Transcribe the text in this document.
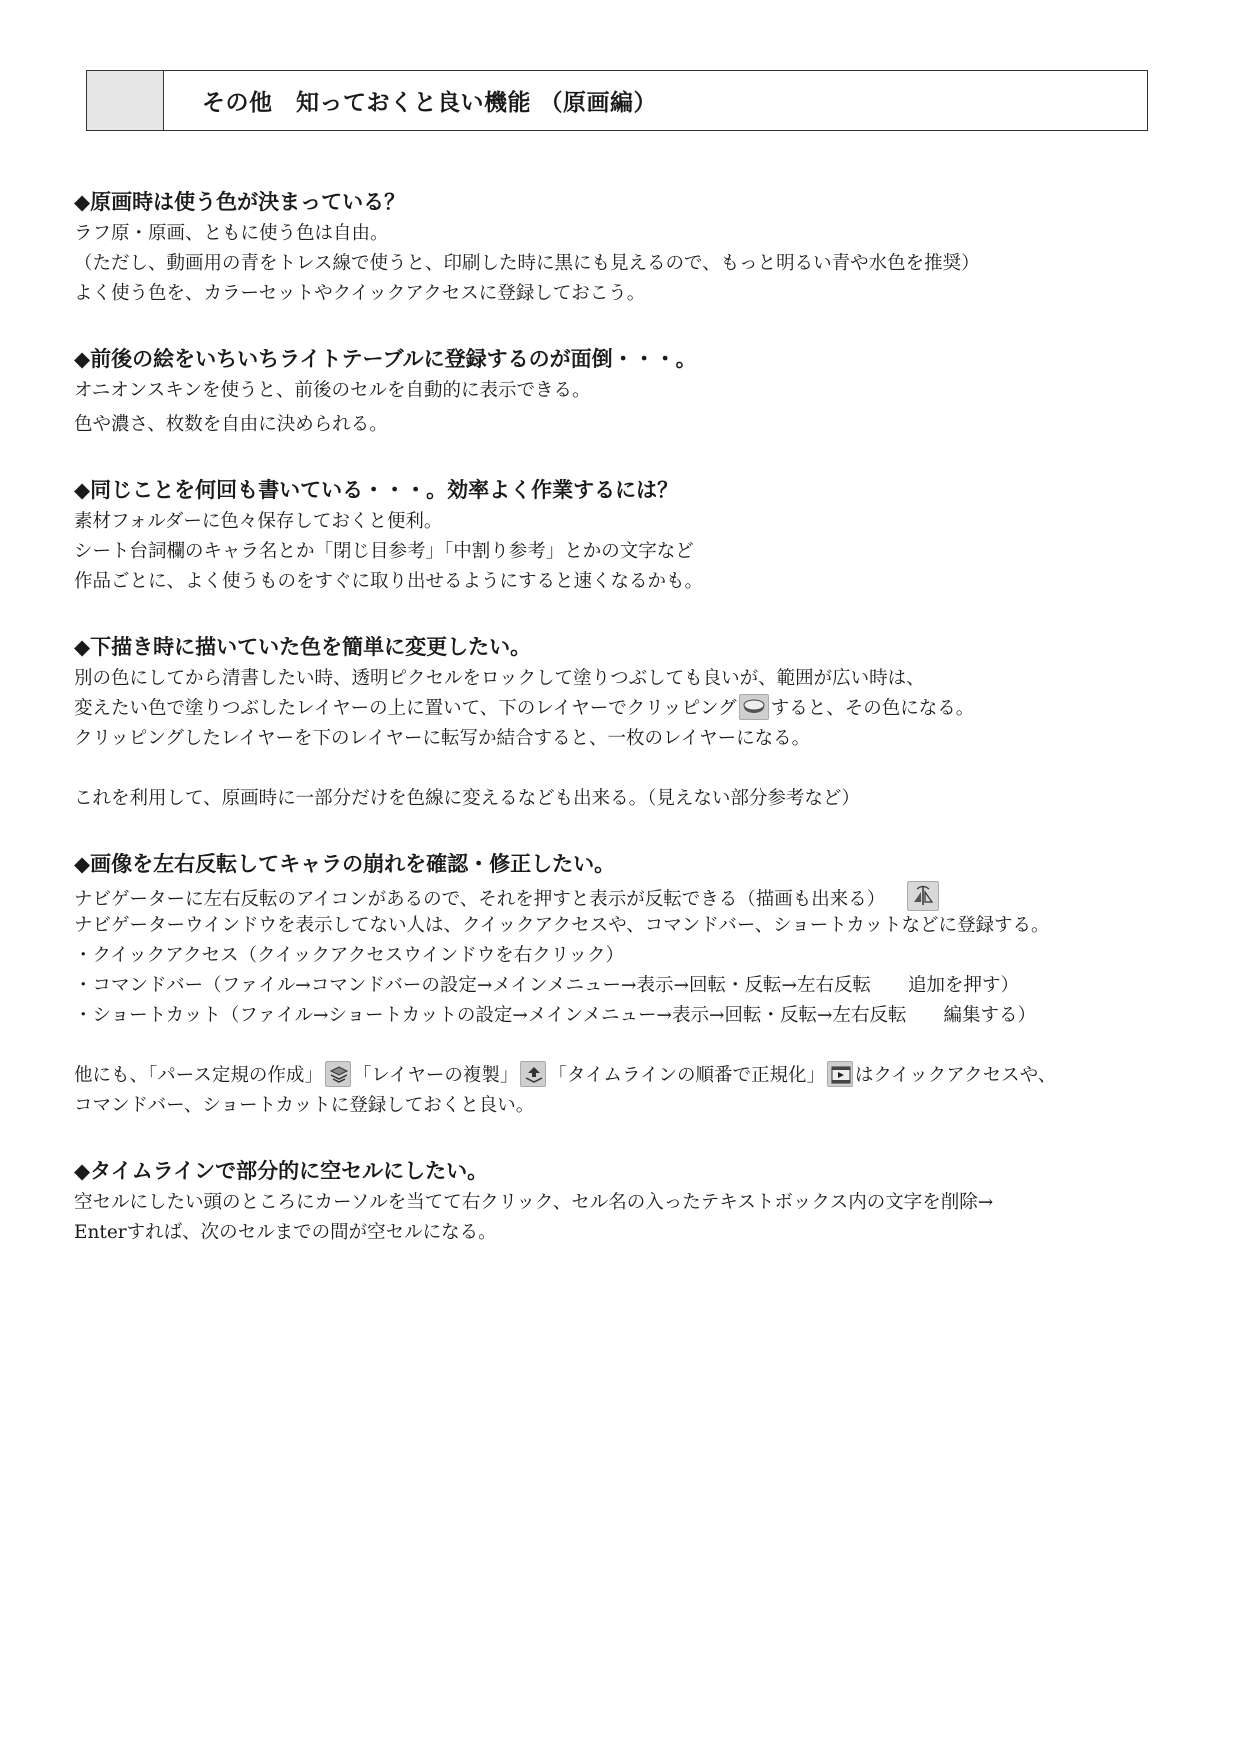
その他　知っておくと良い機能 （原画編）
◆原画時は使う色が決まっている？
ラフ原・原画、ともに使う色は自由。
（ただし、動画用の青をトレス線で使うと、印刷した時に黒にも見えるので、もっと明るい青や水色を推奨）
よく使う色を、カラーセットやクイックアクセスに登録しておこう。
◆前後の絵をいちいちライトテーブルに登録するのが面倒・・・。
オニオンスキンを使うと、前後のセルを自動的に表示できる。
色や濃さ、枚数を自由に決められる。
◆同じことを何回も書いている・・・。効率よく作業するには？
素材フォルダーに色々保存しておくと便利。
シート台詞欄のキャラ名とか「閉じ目参考」「中割り参考」とかの文字など
作品ごとに、よく使うものをすぐに取り出せるようにすると速くなるかも。
◆下描き時に描いていた色を簡単に変更したい。
別の色にしてから清書したい時、透明ピクセルをロックして塗りつぶしても良いが、範囲が広い時は、
変えたい色で塗りつぶしたレイヤーの上に置いて、下のレイヤーでクリッピング すると、その色になる。
クリッピングしたレイヤーを下のレイヤーに転写か結合すると、一枚のレイヤーになる。
これを利用して、原画時に一部分だけを色線に変えるなども出来る。（見えない部分参考など）
◆画像を左右反転してキャラの崩れを確認・修正したい。
ナビゲーターに左右反転のアイコンがあるので、それを押すと表示が反転できる（描画も出来る）
ナビゲーターウインドウを表示してない人は、クイックアクセスや、コマンドバー、ショートカットなどに登録する。
・クイックアクセス（クイックアクセスウインドウを右クリック）
・コマンドバー（ファイル→コマンドバーの設定→メインメニュー→表示→回転・反転→左右反転　　追加を押す）
・ショートカット（ファイル→ショートカットの設定→メインメニュー→表示→回転・反転→左右反転　　編集する）
他にも、「パース定規の作成」 「レイヤーの複製」 「タイムラインの順番で正規化」 はクイックアクセスや、
コマンドバー、ショートカットに登録しておくと良い。
◆タイムラインで部分的に空セルにしたい。
空セルにしたい頭のところにカーソルを当てて右クリック、セル名の入ったテキストボックス内の文字を削除→
Enterすれば、次のセルまでの間が空セルになる。
